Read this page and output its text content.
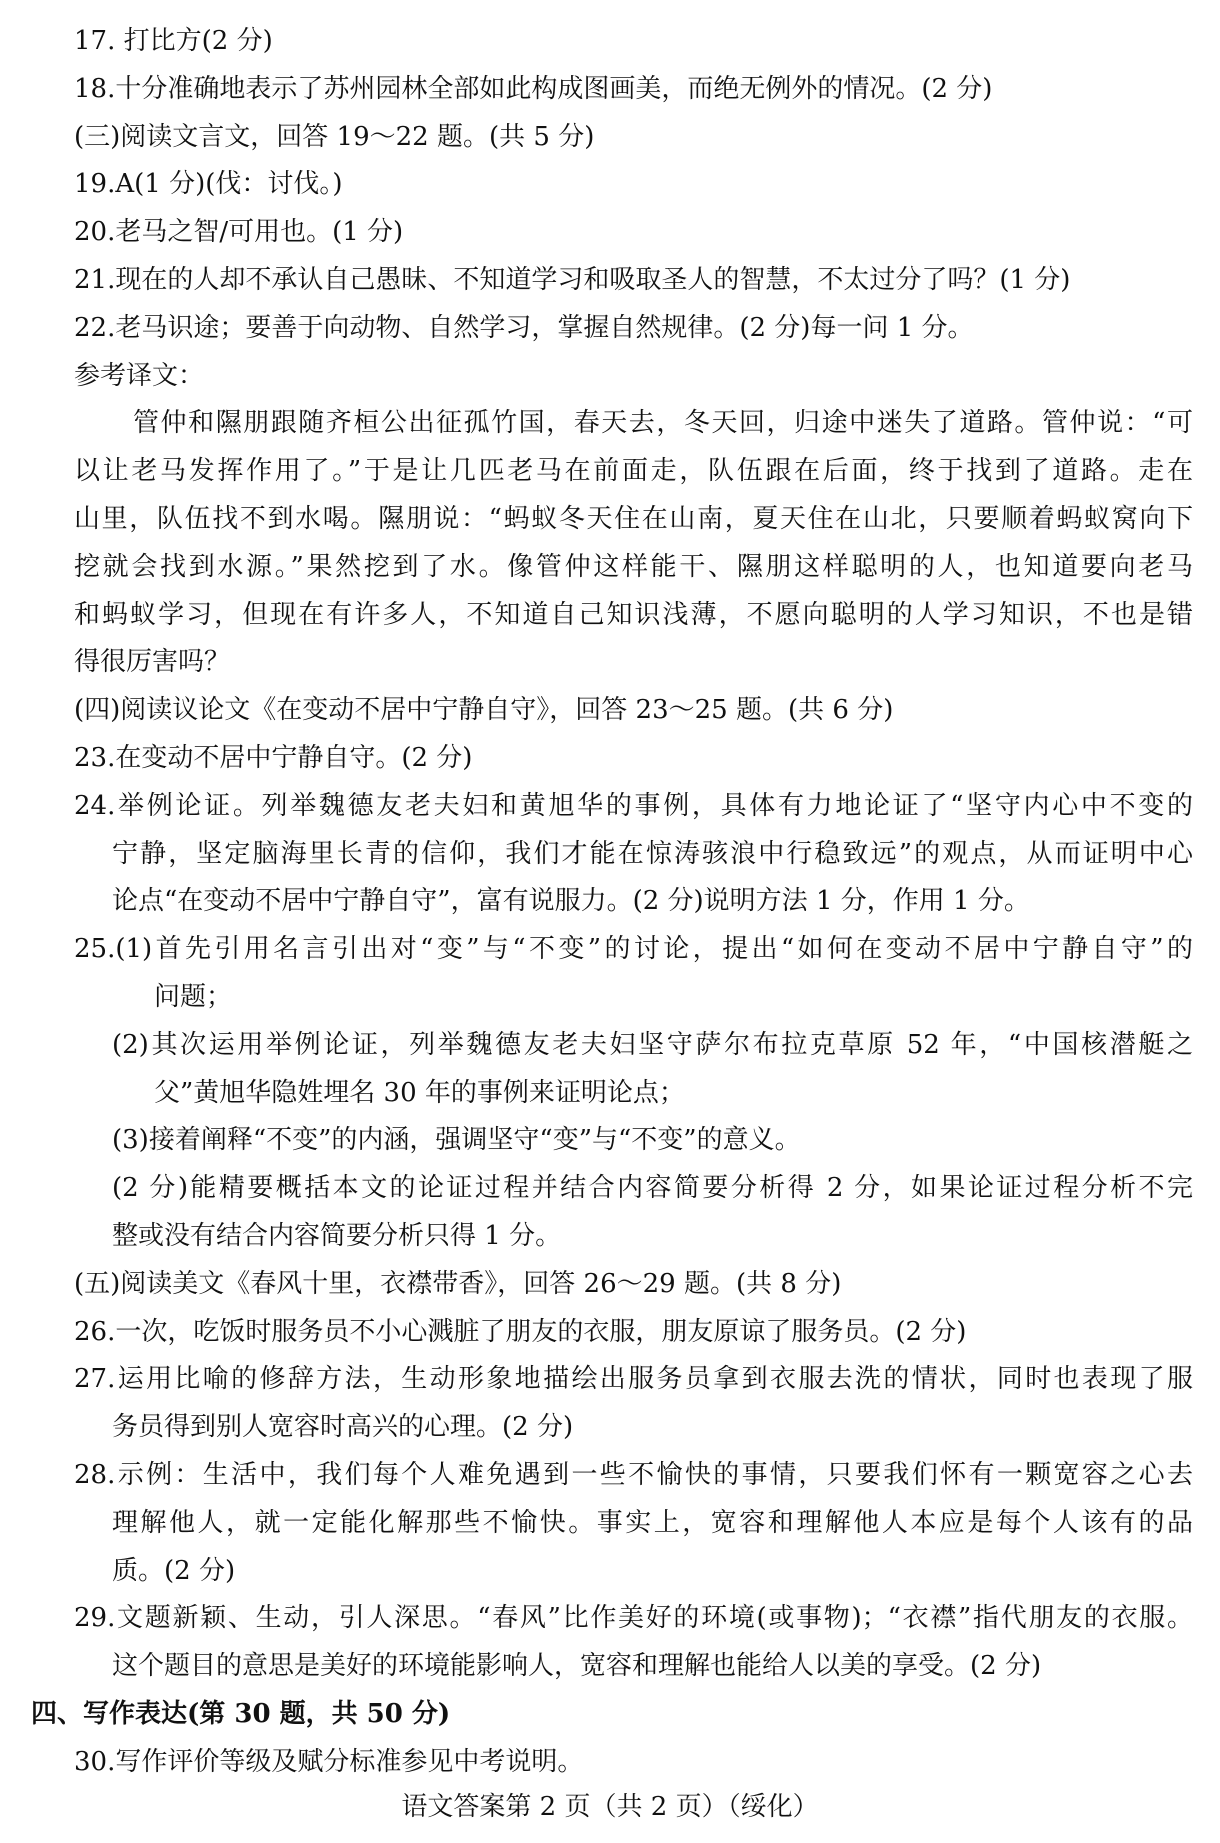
17. 打比方(2 分)
18.十分准确地表示了苏州园林全部如此构成图画美，而绝无例外的情况。(2 分)
(三)阅读文言文，回答 19～22 题。(共 5 分)
19.A(1 分)(伐：讨伐。)
20.老马之智/可用也。(1 分)
21.现在的人却不承认自己愚昧、不知道学习和吸取圣人的智慧，不太过分了吗？(1 分)
22.老马识途；要善于向动物、自然学习，掌握自然规律。(2 分)每一问 1 分。
参考译文：
管仲和隰朋跟随齐桓公出征孤竹国，春天去，冬天回，归途中迷失了道路。管仲说：“可
以让老马发挥作用了。”于是让几匹老马在前面走，队伍跟在后面，终于找到了道路。走在
山里，队伍找不到水喝。隰朋说：“蚂蚁冬天住在山南，夏天住在山北，只要顺着蚂蚁窝向下
挖就会找到水源。”果然挖到了水。像管仲这样能干、隰朋这样聪明的人，也知道要向老马
和蚂蚁学习，但现在有许多人，不知道自己知识浅薄，不愿向聪明的人学习知识，不也是错
得很厉害吗？
(四)阅读议论文《在变动不居中宁静自守》，回答 23～25 题。(共 6 分)
23.在变动不居中宁静自守。(2 分)
24.举例论证。列举魏德友老夫妇和黄旭华的事例，具体有力地论证了“坚守内心中不变的
宁静，坚定脑海里长青的信仰，我们才能在惊涛骇浪中行稳致远”的观点，从而证明中心
论点“在变动不居中宁静自守”，富有说服力。(2 分)说明方法 1 分，作用 1 分。
25.(1)首先引用名言引出对“变”与“不变”的讨论，提出“如何在变动不居中宁静自守”的
问题；
(2)其次运用举例论证，列举魏德友老夫妇坚守萨尔布拉克草原 52 年，“中国核潜艇之
父”黄旭华隐姓埋名 30 年的事例来证明论点；
(3)接着阐释“不变”的内涵，强调坚守“变”与“不变”的意义。
(2 分)能精要概括本文的论证过程并结合内容简要分析得 2 分，如果论证过程分析不完
整或没有结合内容简要分析只得 1 分。
(五)阅读美文《春风十里，衣襟带香》，回答 26～29 题。(共 8 分)
26.一次，吃饭时服务员不小心溅脏了朋友的衣服，朋友原谅了服务员。(2 分)
27.运用比喻的修辞方法，生动形象地描绘出服务员拿到衣服去洗的情状，同时也表现了服
务员得到别人宽容时高兴的心理。(2 分)
28.示例：生活中，我们每个人难免遇到一些不愉快的事情，只要我们怀有一颗宽容之心去
理解他人，就一定能化解那些不愉快。事实上，宽容和理解他人本应是每个人该有的品
质。(2 分)
29.文题新颖、生动，引人深思。“春风”比作美好的环境(或事物)；“衣襟”指代朋友的衣服。
这个题目的意思是美好的环境能影响人，宽容和理解也能给人以美的享受。(2 分)
四、写作表达(第 30 题，共 50 分)
30.写作评价等级及赋分标准参见中考说明。
语文答案第 2 页（共 2 页）（绥化）
